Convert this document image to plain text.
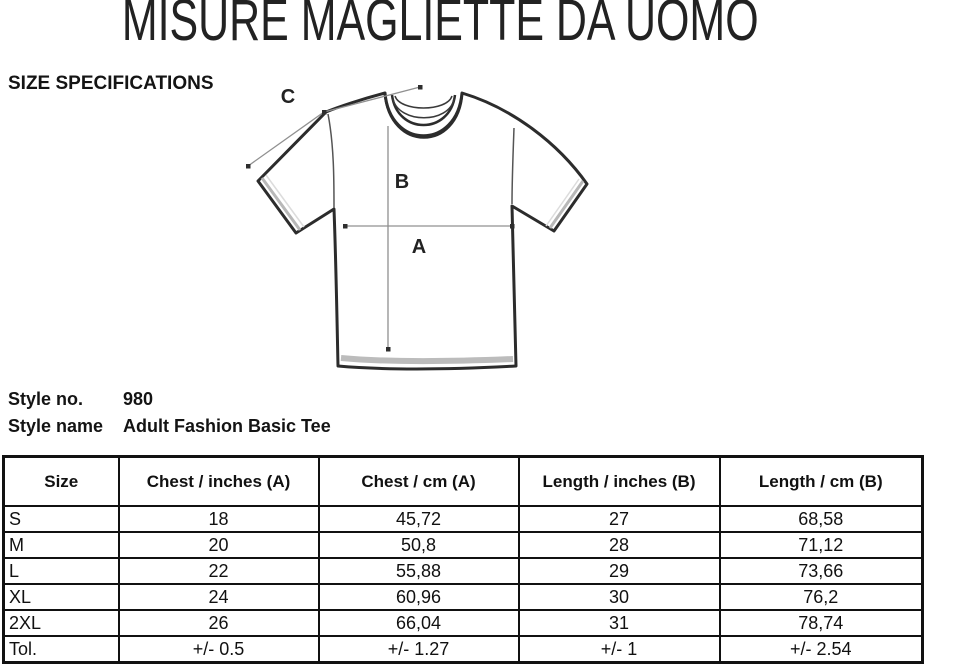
MISURE MAGLIETTE DA UOMO
SIZE SPECIFICATIONS
C
B
A
Style no. 980
Style name Adult Fashion Basic Tee
Size	Chest / inches (A)	Chest / cm (A)	Length / inches (B)	Length / cm (B)
S	18	45,72	27	68,58
M	20	50,8	28	71,12
L	22	55,88	29	73,66
XL	24	60,96	30	76,2
2XL	26	66,04	31	78,74
Tol.	+/- 0.5	+/- 1.27	+/- 1	+/- 2.54
